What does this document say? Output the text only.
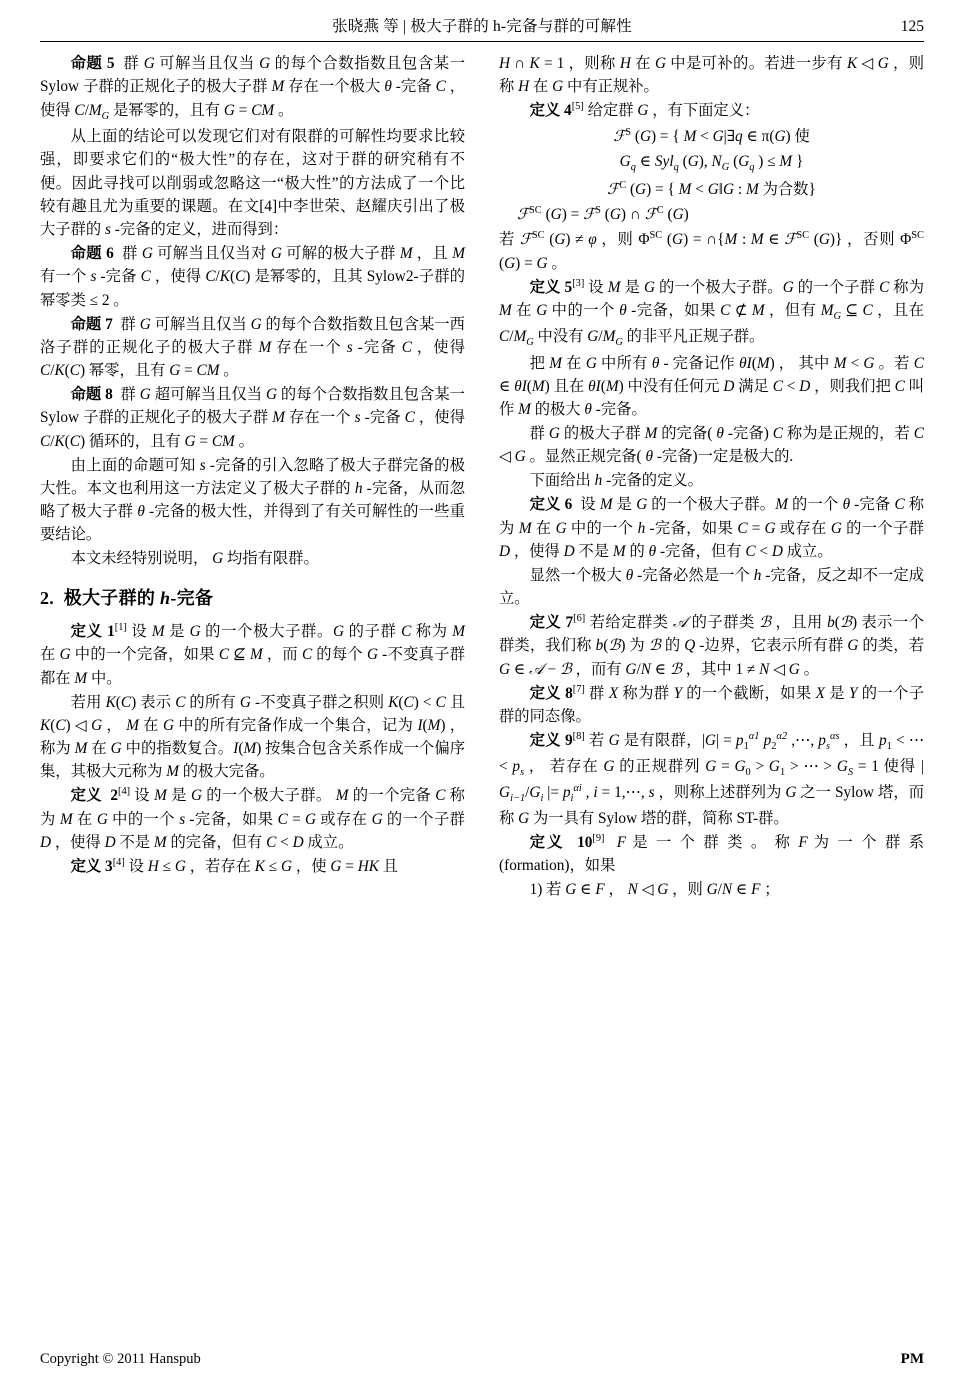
张晓燕 等 | 极大子群的 h-完备与群的可解性	125

命题 5  群 G 可解当且仅当 G 的每个合数指数且包含某一 Sylow 子群的正规化子的极大子群 M 存在一个极大 θ -完备 C ，使得 $C/M_G$ 是幂零的，且有 G = CM 。

从上面的结论可以发现它们对有限群的可解性均要求比较强，即要求它们的“极大性”的存在，这对于群的研究稍有不便。因此寻找可以削弱或忽略这一“极大性”的方法成了一个比较有趣且尤为重要的课题。在文[4]中李世荣、赵耀庆引出了极大子群的 s -完备的定义，进而得到：

命题 6  群 G 可解当且仅当对 G 可解的极大子群 M ，且 M 有一个 s -完备 C ，使得 C/K(C) 是幂零的，且其 Sylow2-子群的幂零类 ≤ 2 。

命题 7  群 G 可解当且仅当 G 的每个合数指数且包含某一西洛子群的正规化子的极大子群 M 存在一个 s -完备 C ，使得 C/K(C) 幂零，且有 G = CM 。

命题 8  群 G 超可解当且仅当 G 的每个合数指数且包含某一 Sylow 子群的正规化子的极大子群 M 存在一个 s -完备 C ，使得 C/K(C) 循环的，且有 G = CM 。

由上面的命题可知 s -完备的引入忽略了极大子群完备的极大性。本文也利用这一方法定义了极大子群的 h -完备，从而忽略了极大子群 θ -完备的极大性，并得到了有关可解性的一些重要结论。

本文未经特别说明， G 均指有限群。

2.  极大子群的 h-完备

定义 1[1] 设 M 是 G 的一个极大子群。G 的子群 C 称为 M 在 G 中的一个完备，如果 C ⊈ M ，而 C 的每个 G -不变真子群都在 M 中。

若用 K(C) 表示 C 的所有 G -不变真子群之积则 K(C) < C 且 K(C) ◁ G ， M 在 G 中的所有完备作成一个集合，记为 I(M) ，称为 M 在 G 中的指数复合。I(M) 按集合包含关系作成一个偏序集，其极大元称为 M 的极大完备。

定义 2[4] 设 M 是 G 的一个极大子群。 M 的一个完备 C 称为 M 在 G 中的一个 s -完备，如果 C = G 或存在 G 的一个子群 D ，使得 D 不是 M 的完备，但有 C < D 成立。

定义 3[4] 设 H ≤ G ，若存在 K ≤ G ，使 G = HK 且

H ∩ K = 1 ，则称 H 在 G 中是可补的。若进一步有 K ◁ G ，则称 H 在 G 中有正规补。

定义 4[5] 给定群 G ，有下面定义：

ℱ$^S$ (G) = { M < G|∃q ∈ π(G) 使

$G_q$ ∈ Syl$_q$ (G), $N_G$ ($G_q$ ) ≤ M }

ℱ$^C$ (G) = { M < G‖G : M 为合数}

ℱ$^{SC}$ (G) = ℱ$^S$ (G) ∩ ℱ$^C$ (G)

若 ℱ$^{SC}$ (G) ≠ φ ，则 $\Phi^{SC}$ (G) = ∩{M : M ∈ ℱ$^{SC}$ (G)} ，否则 $\Phi^{SC}$ (G) = G 。

定义 5[3] 设 M 是 G 的一个极大子群。G 的一个子群 C 称为 M 在 G 中的一个 θ -完备，如果 C ⊄ M ，但有 $M_G$ ⊆ C ，且在 $C/M_G$ 中没有 $G/M_G$ 的非平凡正规子群。

把 M 在 G 中所有 θ - 完备记作 θI(M) ， 其中 M < G 。若 C ∈ θI(M) 且在 θI(M) 中没有任何元 D 满足 C < D ，则我们把 C 叫作 M 的极大 θ -完备。

群 G 的极大子群 M 的完备( θ -完备) C 称为是正规的，若 C ◁ G 。显然正规完备( θ -完备)一定是极大的.

下面给出 h -完备的定义。

定义 6  设 M 是 G 的一个极大子群。M 的一个 θ -完备 C 称为 M 在 G 中的一个 h -完备，如果 C = G 或存在 G 的一个子群 D ，使得 D 不是 M 的 θ -完备，但有 C < D 成立。

显然一个极大 θ -完备必然是一个 h -完备，反之却不一定成立。

定义 7[6] 若给定群类 𝒜 的子群类 ℬ ，且用 b(ℬ) 表示一个群类，我们称 b(ℬ) 为 ℬ 的 Q -边界，它表示所有群 G 的类，若 G ∈ 𝒜 − ℬ ，而有 G/N ∈ ℬ ，其中 1 ≠ N ◁ G 。

定义 8[7] 群 X 称为群 Y 的一个截断，如果 X 是 Y 的一个子群的同态像。

定义 9[8] 若 G 是有限群，$|G| = p_1^{\alpha 1}$ $p_2^{\alpha 2}$ ,⋯, $p_s^{\alpha s}$ ，且 $p_1$ < ⋯ < $p_s$ ， 若存在 G 的正规群列 $G = G_0 > G_1$ > ⋯ > $G_S = 1$ 使得 | $G_{i-1}/G_i$ |= $p_i^{\alpha i}$ , i = 1,⋯, s ，则称上述群列为 G 之一 Sylow 塔，而称 G 为一具有 Sylow 塔的群，简称 ST-群。

定义 10[9] F 是 一 个 群 类 。 称 F 为 一 个 群 系 (formation)，如果

1) 若 G ∈ F ， N ◁ G ，则 G/N ∈ F ；

Copyright © 2011 Hanspub	PM
